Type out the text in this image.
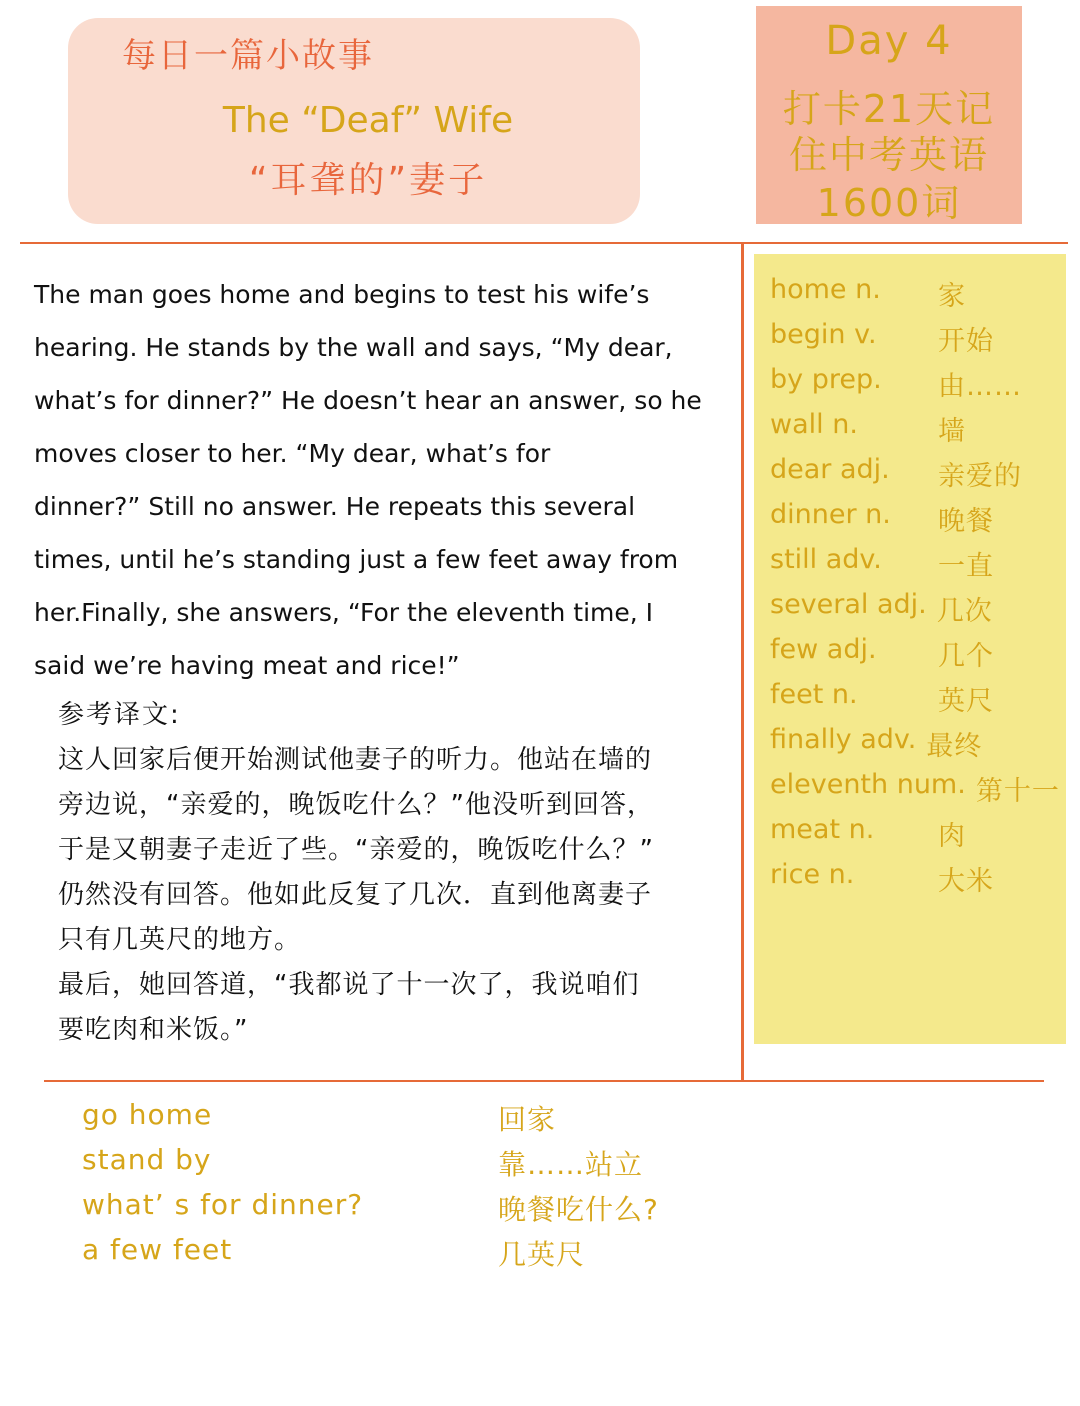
每日一篇小故事
The “Deaf” Wife
“耳聋的”妻子
Day 4
打卡21天记
住中考英语
1600词

The man goes home and begins to test his wife’s

hearing. He stands by the wall and says, “My dear,

what’s for dinner?” He doesn’t hear an answer, so he

moves closer to her. “My dear, what’s for

dinner?” Still no answer. He repeats this several

times, until he’s standing just a few feet away from

her.Finally, she answers, “For the eleventh time, I

said we’re having meat and rice!”

参考译文:

这人回家后便开始测试他妻子的听力。他站在墙的

旁边说，“亲爱的，晚饭吃什么？”他没听到回答，

于是又朝妻子走近了些。“亲爱的，晚饭吃什么？”

仍然没有回答。他如此反复了几次．直到他离妻子

只有几英尺的地方。

最后，她回答道，“我都说了十一次了，我说咱们

要吃肉和米饭。”

home n. 家
begin v. 开始
by prep. 由……
wall n.	墙
dear adj. 亲爱的
dinner n. 晚餐
still adv. 一直
several adj. 几次
few adj. 几个
feet n.	英尺
finally adv. 最终
eleventh num. 第十一
meat n. 肉
rice n.	大米
go home	回家
stand by	靠……站立
what’ s for dinner?	晚餐吃什么?
a few feet	几英尺
